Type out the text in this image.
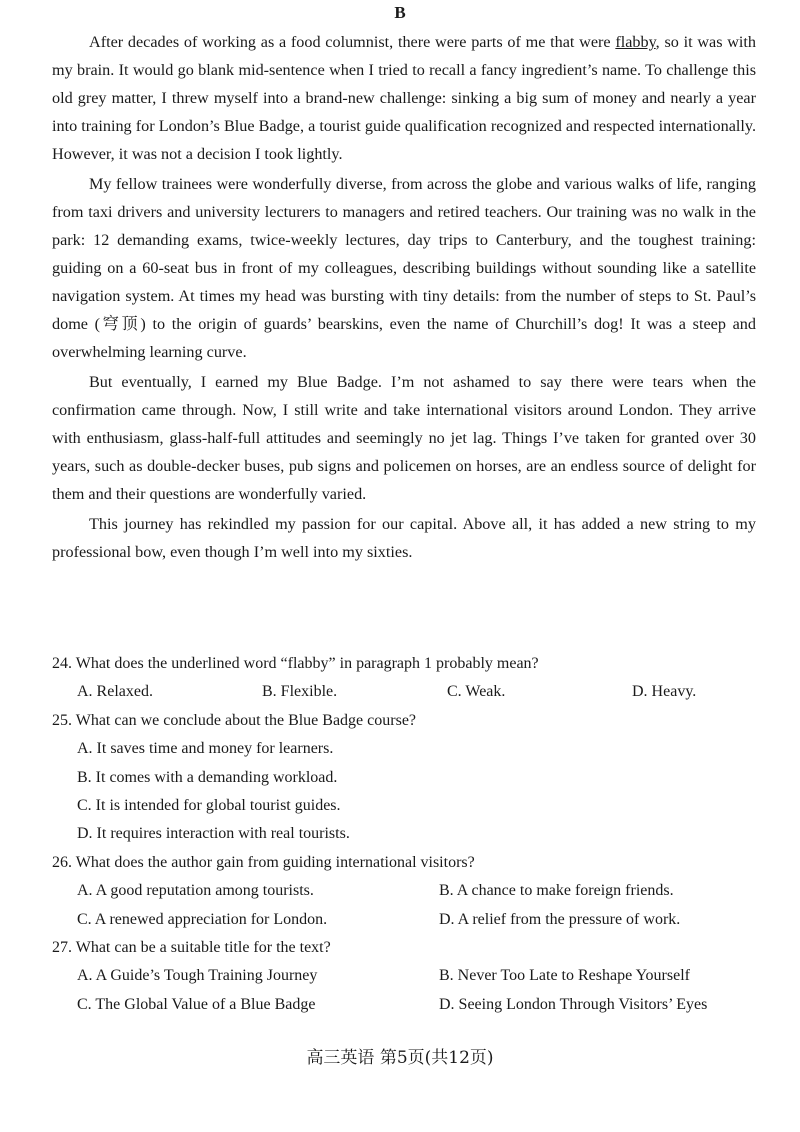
B

After decades of working as a food columnist, there were parts of me that were flabby, so it was with my brain. It would go blank mid-sentence when I tried to recall a fancy ingredient’s name. To challenge this old grey matter, I threw myself into a brand-new challenge: sinking a big sum of money and nearly a year into training for London’s Blue Badge, a tourist guide qualification recognized and respected internationally. However, it was not a decision I took lightly.

My fellow trainees were wonderfully diverse, from across the globe and various walks of life, ranging from taxi drivers and university lecturers to managers and retired teachers. Our training was no walk in the park: 12 demanding exams, twice-weekly lectures, day trips to Canterbury, and the toughest training: guiding on a 60-seat bus in front of my colleagues, describing buildings without sounding like a satellite navigation system. At times my head was bursting with tiny details: from the number of steps to St. Paul’s dome (穹顶) to the origin of guards’ bearskins, even the name of Churchill’s dog! It was a steep and overwhelming learning curve.

But eventually, I earned my Blue Badge. I’m not ashamed to say there were tears when the confirmation came through. Now, I still write and take international visitors around London. They arrive with enthusiasm, glass-half-full attitudes and seemingly no jet lag. Things I’ve taken for granted over 30 years, such as double-decker buses, pub signs and policemen on horses, are an endless source of delight for them and their questions are wonderfully varied.

This journey has rekindled my passion for our capital. Above all, it has added a new string to my professional bow, even though I’m well into my sixties.

24. What does the underlined word “flabby” in paragraph 1 probably mean?

A. Relaxed.	B. Flexible.	C. Weak.	D. Heavy.

25. What can we conclude about the Blue Badge course?

A. It saves time and money for learners.
B. It comes with a demanding workload.
C. It is intended for global tourist guides.
D. It requires interaction with real tourists.

26. What does the author gain from guiding international visitors?

A. A good reputation among tourists.	B. A chance to make foreign friends.
C. A renewed appreciation for London.	D. A relief from the pressure of work.

27. What can be a suitable title for the text?

A. A Guide’s Tough Training Journey	B. Never Too Late to Reshape Yourself
C. The Global Value of a Blue Badge	D. Seeing London Through Visitors’ Eyes
高三英语 第5页(共12页)
